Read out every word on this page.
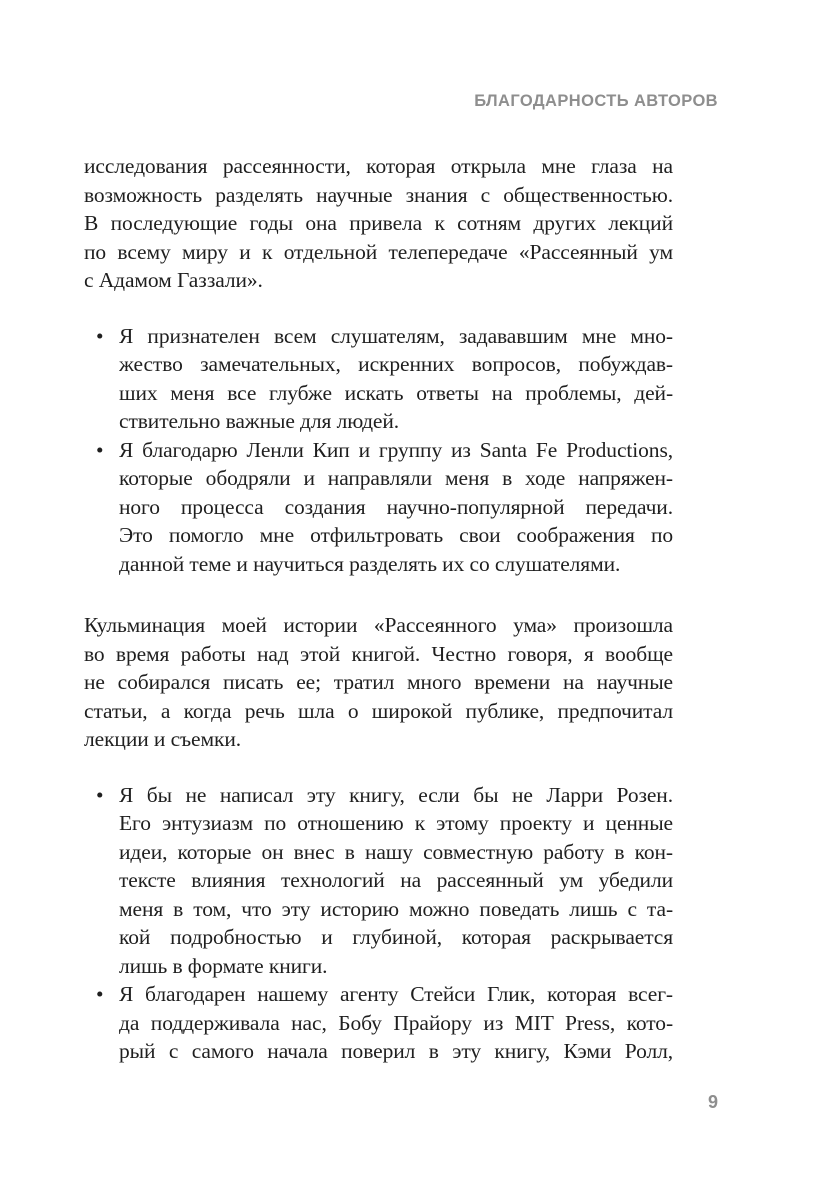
БЛАГОДАРНОСТЬ АВТОРОВ
исследования рассеянности, которая открыла мне глаза на
возможность разделять научные знания с общественностью.
В последующие годы она привела к сотням других лекций
по всему миру и к отдельной телепередаче «Рассеянный ум
с Адамом Газзали».
• Я признателен всем слушателям, задававшим мне мно-
жество замечательных, искренних вопросов, побуждав-
ших меня все глубже искать ответы на проблемы, дей-
ствительно важные для людей.
• Я благодарю Ленли Кип и группу из Santa Fe Productions,
которые ободряли и направляли меня в ходе напряжен-
ного процесса создания научно-популярной передачи.
Это помогло мне отфильтровать свои соображения по
данной теме и научиться разделять их со слушателями.
Кульминация моей истории «Рассеянного ума» произошла
во время работы над этой книгой. Честно говоря, я вообще
не собирался писать ее; тратил много времени на научные
статьи, а когда речь шла о широкой публике, предпочитал
лекции и съемки.
• Я бы не написал эту книгу, если бы не Ларри Розен.
Его энтузиазм по отношению к этому проекту и ценные
идеи, которые он внес в нашу совместную работу в кон-
тексте влияния технологий на рассеянный ум убедили
меня в том, что эту историю можно поведать лишь с та-
кой подробностью и глубиной, которая раскрывается
лишь в формате книги.
• Я благодарен нашему агенту Стейси Глик, которая всег-
да поддерживала нас, Бобу Прайору из MIT Press, кото-
рый с самого начала поверил в эту книгу, Кэми Ролл,
9
